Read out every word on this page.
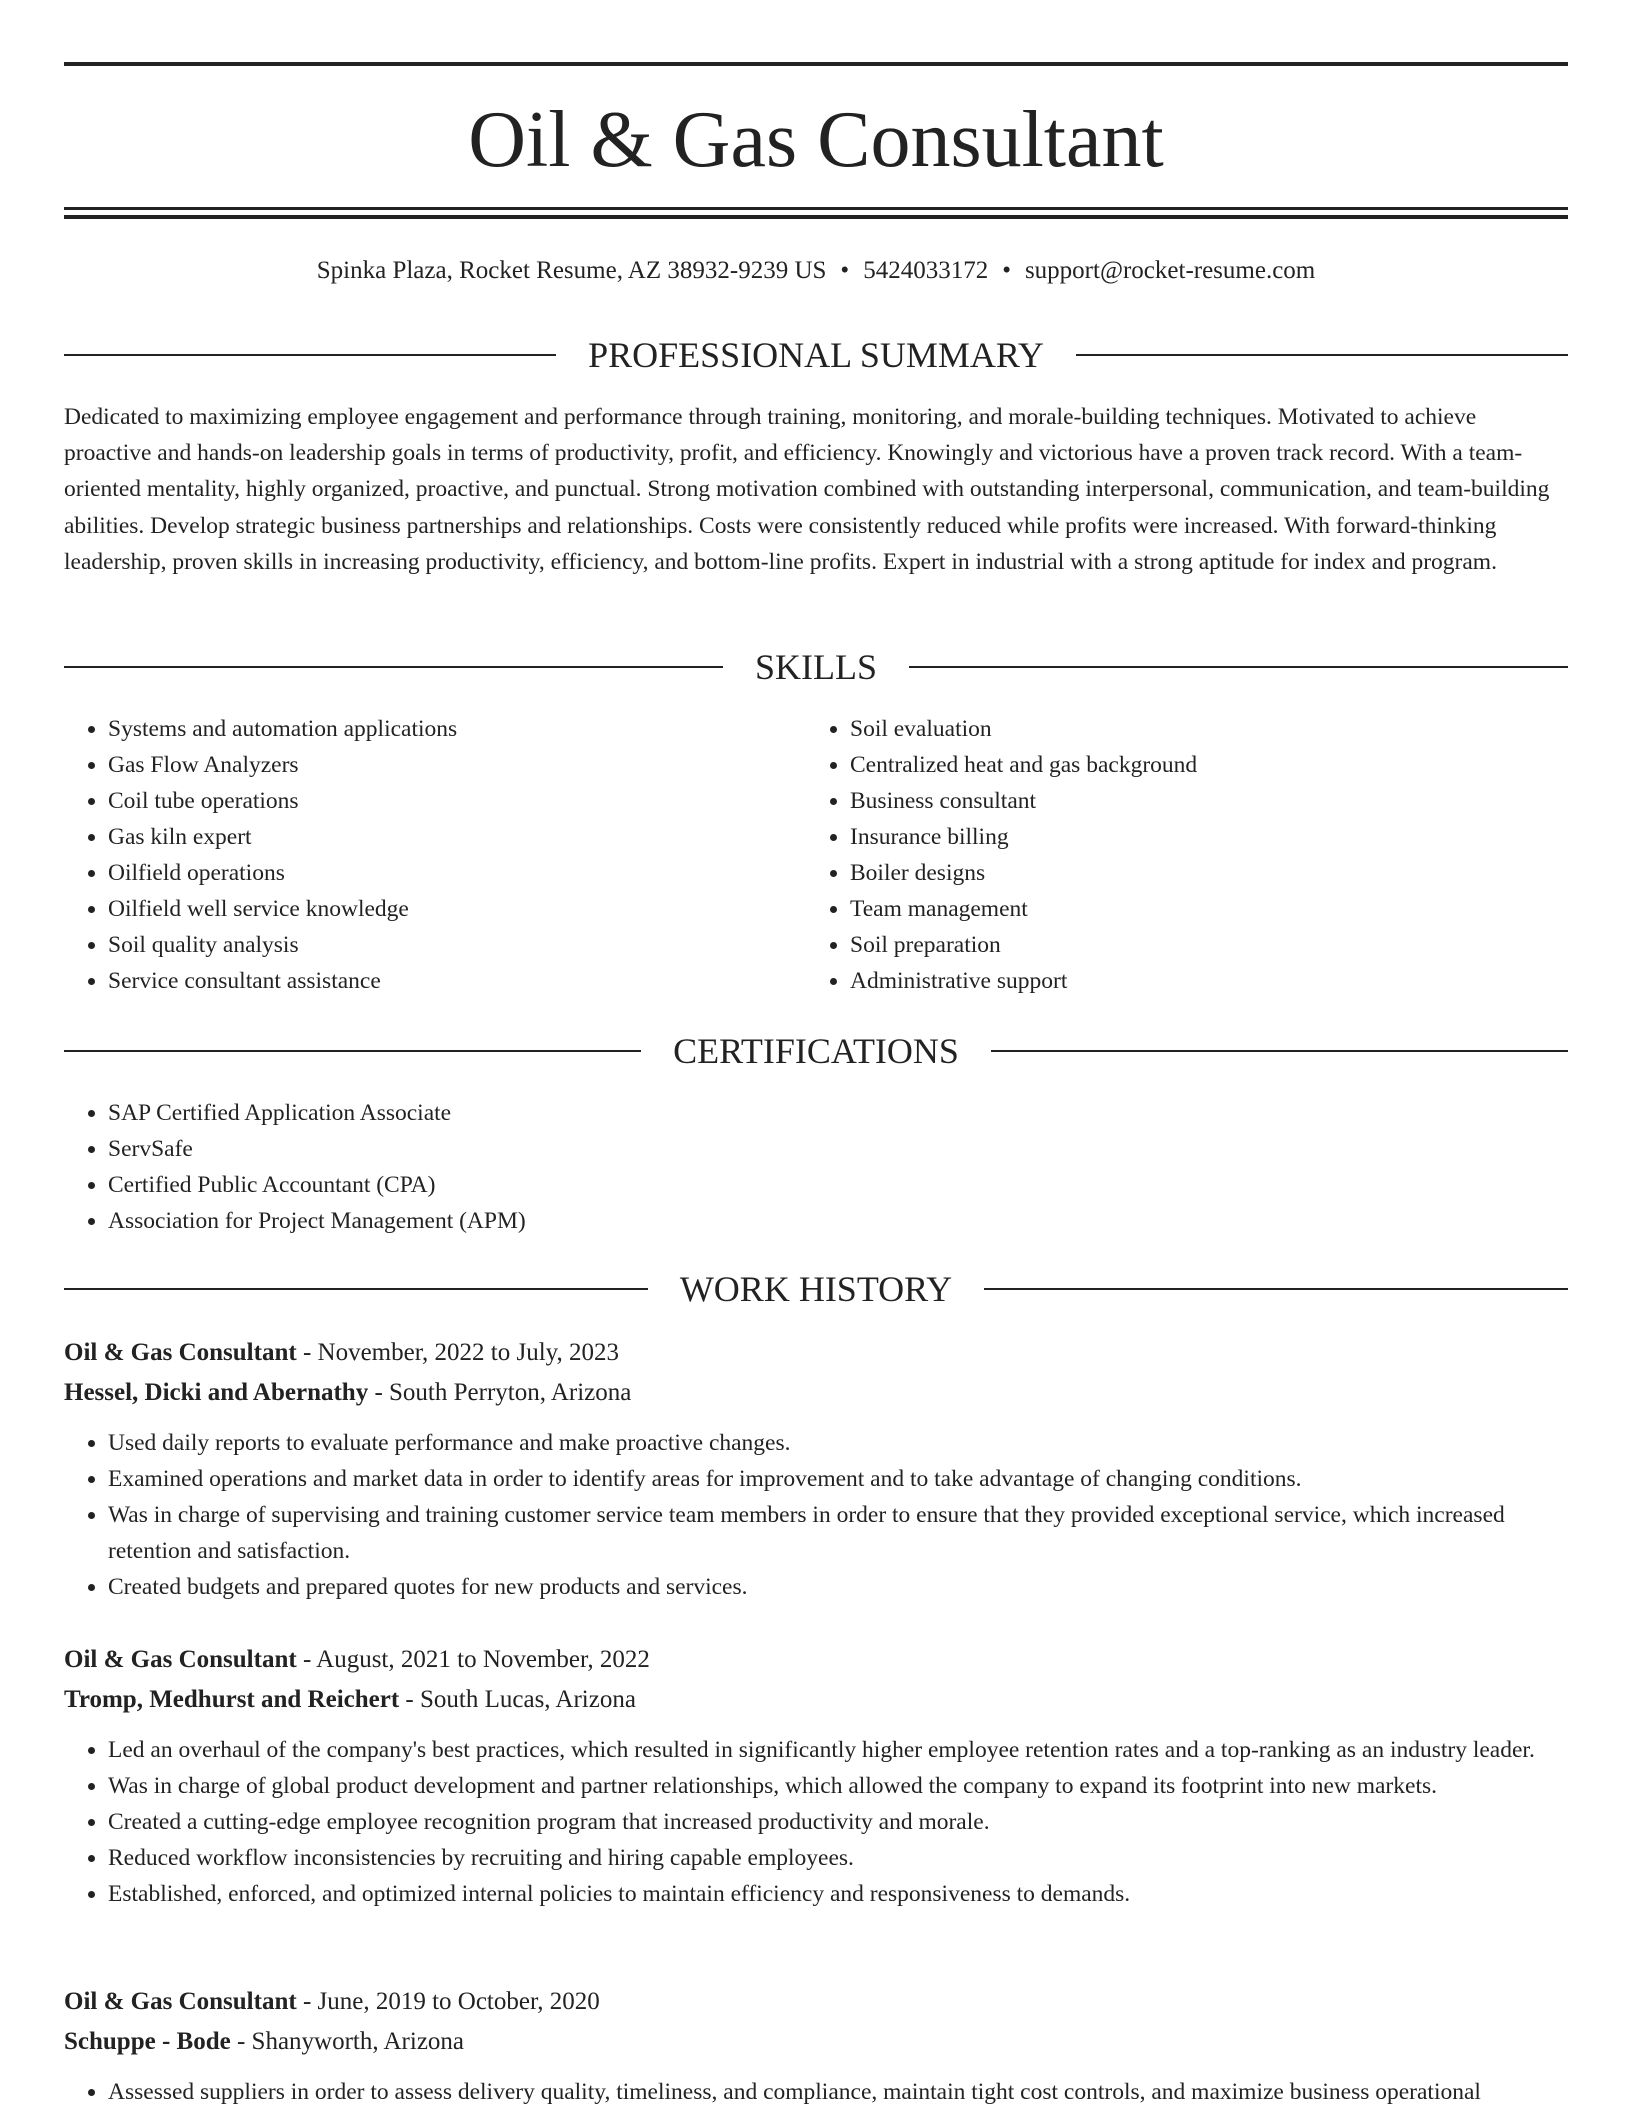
Oil & Gas Consultant
Spinka Plaza, Rocket Resume, AZ 38932-9239 US • 5424033172 • support@rocket-resume.com
PROFESSIONAL SUMMARY

Dedicated to maximizing employee engagement and performance through training, monitoring, and morale-building techniques. Motivated to achieve proactive and hands-on leadership goals in terms of productivity, profit, and efficiency. Knowingly and victorious have a proven track record. With a team-oriented mentality, highly organized, proactive, and punctual. Strong motivation combined with outstanding interpersonal, communication, and team-building abilities. Develop strategic business partnerships and relationships. Costs were consistently reduced while profits were increased. With forward-thinking leadership, proven skills in increasing productivity, efficiency, and bottom-line profits. Expert in industrial with a strong aptitude for index and program.

SKILLS
• Systems and automation applications
• Gas Flow Analyzers
• Coil tube operations
• Gas kiln expert
• Oilfield operations
• Oilfield well service knowledge
• Soil quality analysis
• Service consultant assistance
• Soil evaluation
• Centralized heat and gas background
• Business consultant
• Insurance billing
• Boiler designs
• Team management
• Soil preparation
• Administrative support
CERTIFICATIONS
• SAP Certified Application Associate
• ServSafe
• Certified Public Accountant (CPA)
• Association for Project Management (APM)
WORK HISTORY
Oil & Gas Consultant - November, 2022 to July, 2023
Hessel, Dicki and Abernathy - South Perryton, Arizona
• Used daily reports to evaluate performance and make proactive changes.
• Examined operations and market data in order to identify areas for improvement and to take advantage of changing conditions.
• Was in charge of supervising and training customer service team members in order to ensure that they provided exceptional service, which increased retention and satisfaction.
• Created budgets and prepared quotes for new products and services.
Oil & Gas Consultant - August, 2021 to November, 2022
Tromp, Medhurst and Reichert - South Lucas, Arizona
• Led an overhaul of the company's best practices, which resulted in significantly higher employee retention rates and a top-ranking as an industry leader.
• Was in charge of global product development and partner relationships, which allowed the company to expand its footprint into new markets.
• Created a cutting-edge employee recognition program that increased productivity and morale.
• Reduced workflow inconsistencies by recruiting and hiring capable employees.
• Established, enforced, and optimized internal policies to maintain efficiency and responsiveness to demands.
Oil & Gas Consultant - June, 2019 to October, 2020
Schuppe - Bode - Shanyworth, Arizona
• Assessed suppliers in order to assess delivery quality, timeliness, and compliance, maintain tight cost controls, and maximize business operational
